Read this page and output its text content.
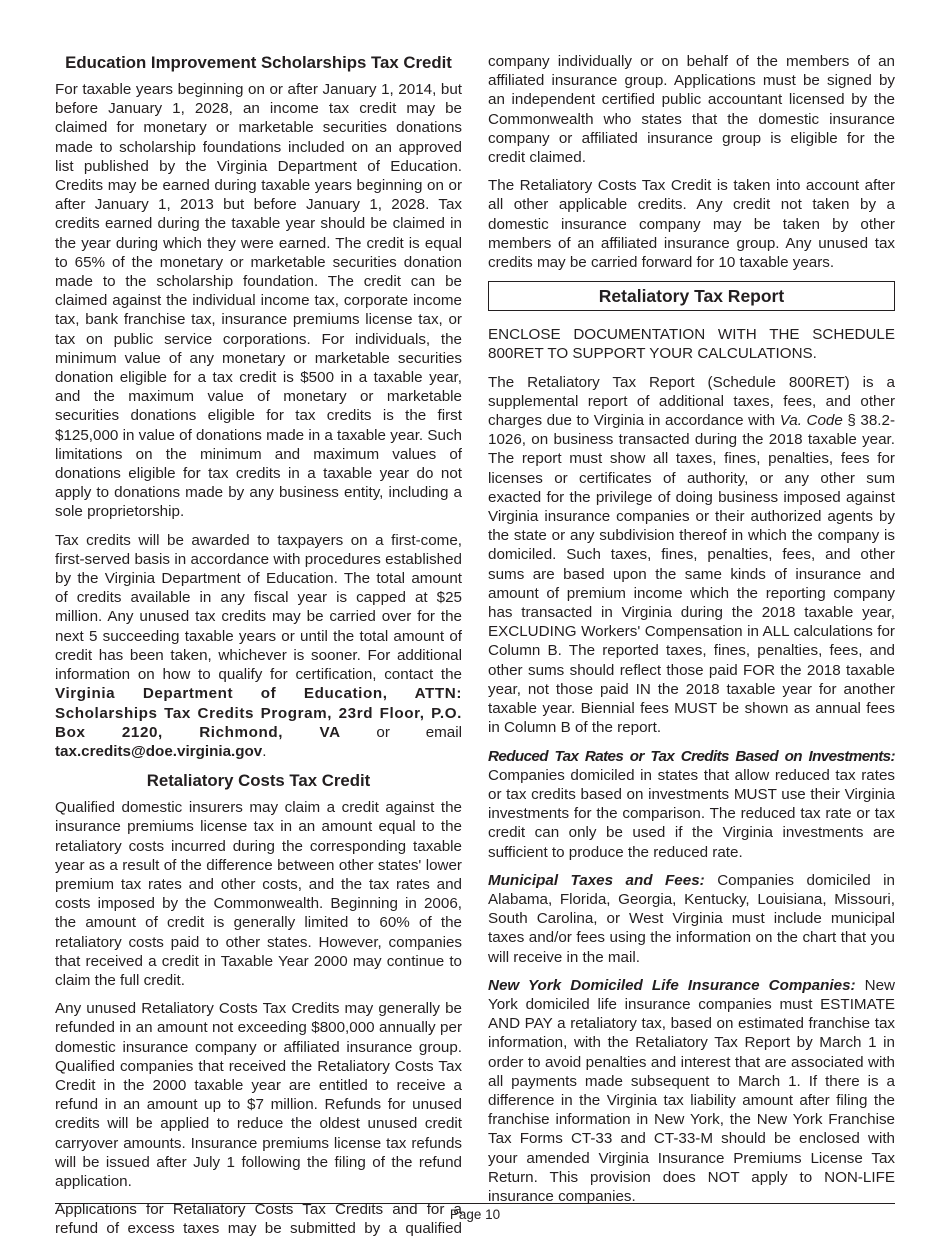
Education Improvement Scholarships Tax Credit

For taxable years beginning on or after January 1, 2014, but before January 1, 2028, an income tax credit may be claimed for monetary or marketable securities donations made to scholarship foundations included on an approved list published by the Virginia Department of Education. Credits may be earned during taxable years beginning on or after January 1, 2013 but before January 1, 2028. Tax credits earned during the taxable year should be claimed in the year during which they were earned. The credit is equal to 65% of the monetary or marketable securities donation made to the scholarship foundation. The credit can be claimed against the individual income tax, corporate income tax, bank franchise tax, insurance premiums license tax, or tax on public service corporations. For individuals, the minimum value of any monetary or marketable securities donation eligible for a tax credit is $500 in a taxable year, and the maximum value of monetary or marketable securities donations eligible for tax credits is the first $125,000 in value of donations made in a taxable year. Such limitations on the minimum and maximum values of donations eligible for tax credits in a taxable year do not apply to donations made by any business entity, including a sole proprietorship.

Tax credits will be awarded to taxpayers on a first-come, first-served basis in accordance with procedures established by the Virginia Department of Education. The total amount of credits available in any fiscal year is capped at $25 million. Any unused tax credits may be carried over for the next 5 succeeding taxable years or until the total amount of credit has been taken, whichever is sooner. For additional information on how to qualify for certification, contact the Virginia Department of Education, ATTN: Scholarships Tax Credits Program, 23rd Floor, P.O. Box 2120, Richmond, VA or email tax.credits@doe.virginia.gov.

Retaliatory Costs Tax Credit

Qualified domestic insurers may claim a credit against the insurance premiums license tax in an amount equal to the retaliatory costs incurred during the corresponding taxable year as a result of the difference between other states' lower premium tax rates and other costs, and the tax rates and costs imposed by the Commonwealth. Beginning in 2006, the amount of credit is generally limited to 60% of the retaliatory costs paid to other states. However, companies that received a credit in Taxable Year 2000 may continue to claim the full credit.

Any unused Retaliatory Costs Tax Credits may generally be refunded in an amount not exceeding $800,000 annually per domestic insurance company or affiliated insurance group. Qualified companies that received the Retaliatory Costs Tax Credit in the 2000 taxable year are entitled to receive a refund in an amount up to $7 million. Refunds for unused credits will be applied to reduce the oldest unused credit carryover amounts. Insurance premiums license tax refunds will be issued after July 1 following the filing of the refund application.

Applications for Retaliatory Costs Tax Credits and for a refund of excess taxes may be submitted by a qualified

company individually or on behalf of the members of an affiliated insurance group. Applications must be signed by an independent certified public accountant licensed by the Commonwealth who states that the domestic insurance company or affiliated insurance group is eligible for the credit claimed.

The Retaliatory Costs Tax Credit is taken into account after all other applicable credits. Any credit not taken by a domestic insurance company may be taken by other members of an affiliated insurance group. Any unused tax credits may be carried forward for 10 taxable years.

Retaliatory Tax Report

ENCLOSE DOCUMENTATION WITH THE SCHEDULE 800RET TO SUPPORT YOUR CALCULATIONS.

The Retaliatory Tax Report (Schedule 800RET) is a supplemental report of additional taxes, fees, and other charges due to Virginia in accordance with Va. Code § 38.2-1026, on business transacted during the 2018 taxable year. The report must show all taxes, fines, penalties, fees for licenses or certificates of authority, or any other sum exacted for the privilege of doing business imposed against Virginia insurance companies or their authorized agents by the state or any subdivision thereof in which the company is domiciled. Such taxes, fines, penalties, fees, and other sums are based upon the same kinds of insurance and amount of premium income which the reporting company has transacted in Virginia during the 2018 taxable year, EXCLUDING Workers' Compensation in ALL calculations for Column B. The reported taxes, fines, penalties, fees, and other sums should reflect those paid FOR the 2018 taxable year, not those paid IN the 2018 taxable year for another taxable year. Biennial fees MUST be shown as annual fees in Column B of the report.

Reduced Tax Rates or Tax Credits Based on Investments: Companies domiciled in states that allow reduced tax rates or tax credits based on investments MUST use their Virginia investments for the comparison. The reduced tax rate or tax credit can only be used if the Virginia investments are sufficient to produce the reduced rate.

Municipal Taxes and Fees: Companies domiciled in Alabama, Florida, Georgia, Kentucky, Louisiana, Missouri, South Carolina, or West Virginia must include municipal taxes and/or fees using the information on the chart that you will receive in the mail.

New York Domiciled Life Insurance Companies: New York domiciled life insurance companies must ESTIMATE AND PAY a retaliatory tax, based on estimated franchise tax information, with the Retaliatory Tax Report by March 1 in order to avoid penalties and interest that are associated with all payments made subsequent to March 1. If there is a difference in the Virginia tax liability amount after filing the franchise information in New York, the New York Franchise Tax Forms CT-33 and CT-33-M should be enclosed with your amended Virginia Insurance Premiums License Tax Return. This provision does NOT apply to NON-LIFE insurance companies.

Page 10
